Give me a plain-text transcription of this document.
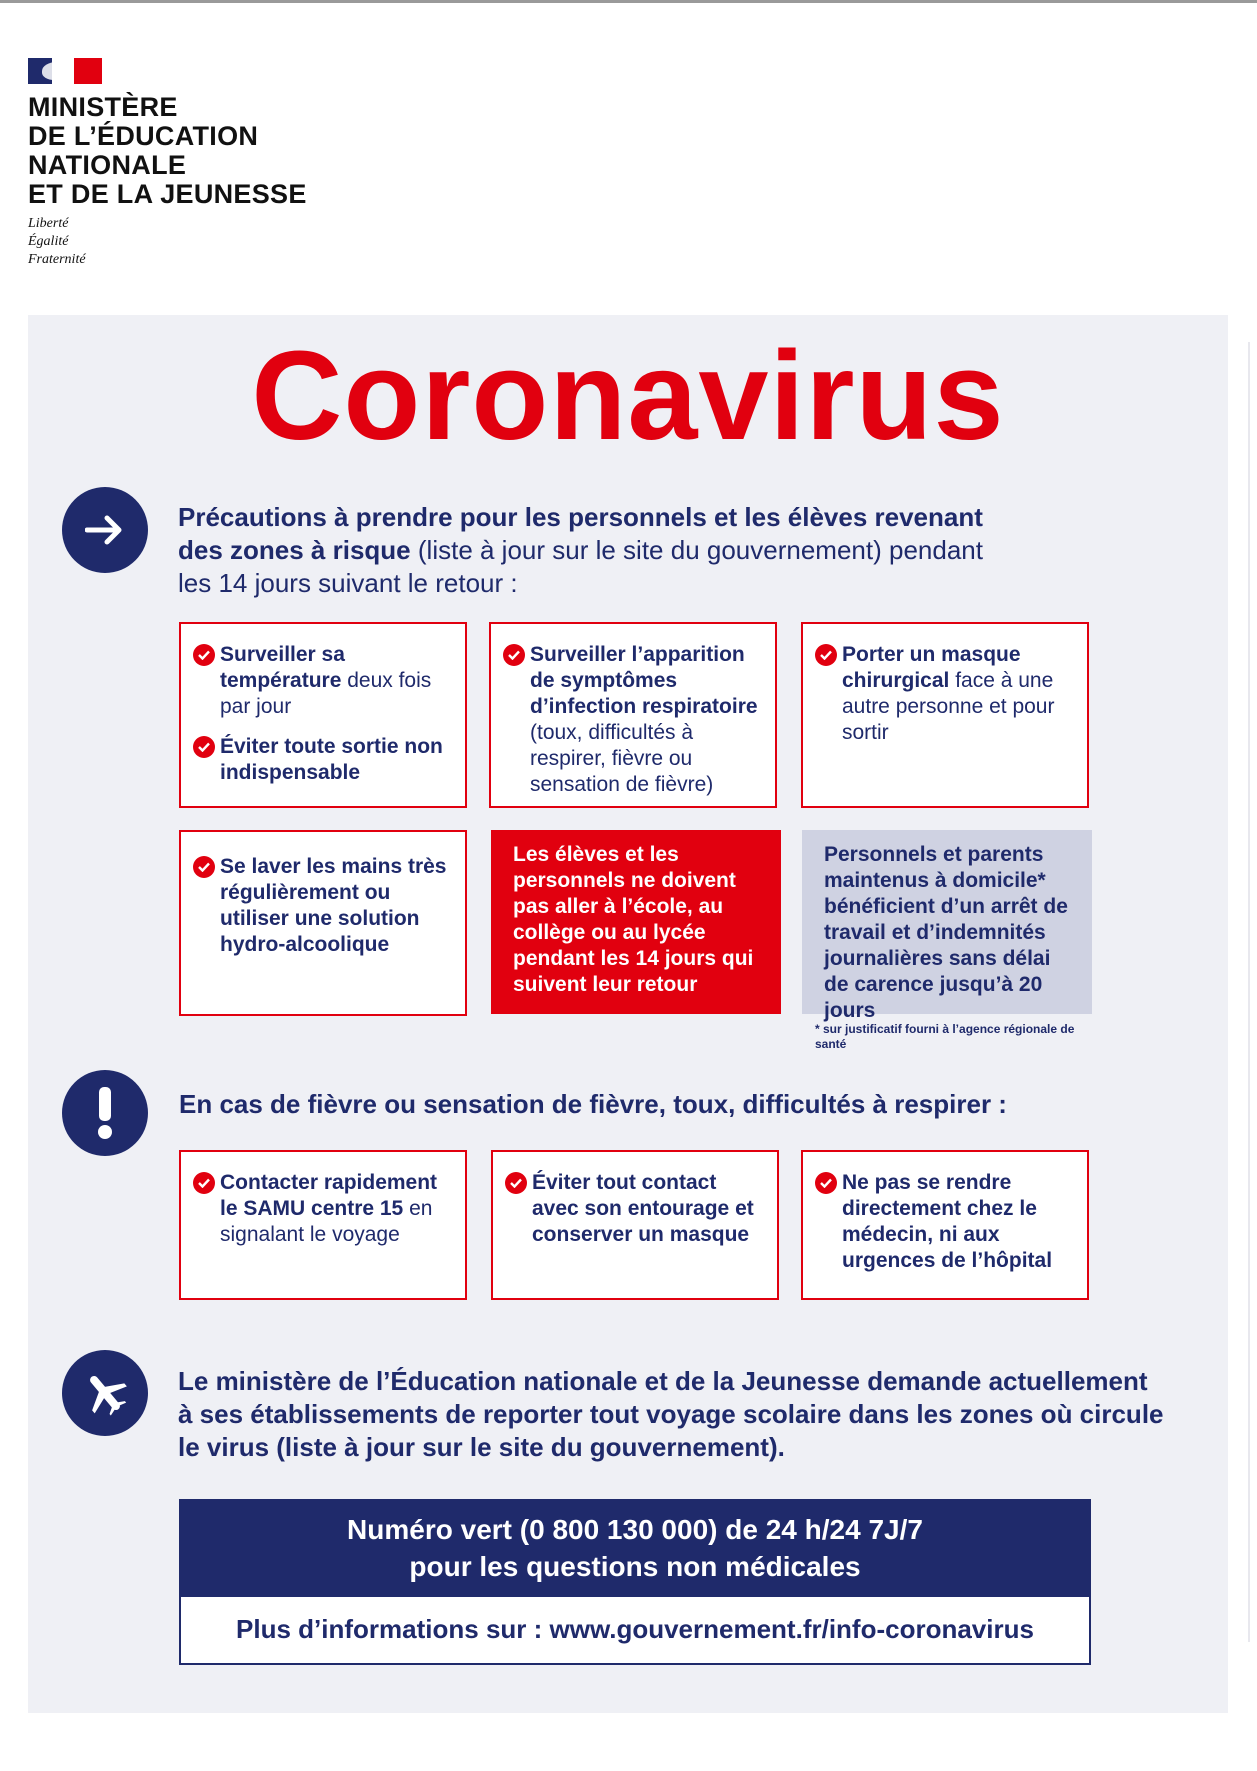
MINISTÈRE
DE L’ÉDUCATION
NATIONALE
ET DE LA JEUNESSE
Liberté
Égalité
Fraternité
Coronavirus
Précautions à prendre pour les personnels et les élèves revenant
des zones à risque (liste à jour sur le site du gouvernement) pendant
les 14 jours suivant le retour :
Surveiller sa température deux fois par jour
Éviter toute sortie non indispensable
Surveiller l’apparition de symptômes d’infection respiratoire (toux, difficultés à respirer, fièvre ou sensation de fièvre)
Porter un masque chirurgical face à une autre personne et pour sortir
Se laver les mains très régulièrement ou utiliser une solution hydro-alcoolique
Les élèves et les personnels ne doivent pas aller à l’école, au collège ou au lycée pendant les 14 jours qui suivent leur retour
Personnels et parents maintenus à domicile* bénéficient d’un arrêt de travail et d’indemnités journalières sans délai de carence jusqu’à 20 jours
* sur justificatif fourni à l’agence régionale de santé
En cas de fièvre ou sensation de fièvre, toux, difficultés à respirer :
Contacter rapidement le SAMU centre 15 en signalant le voyage
Éviter tout contact avec son entourage et conserver un masque
Ne pas se rendre directement chez le médecin, ni aux urgences de l’hôpital
Le ministère de l’Éducation nationale et de la Jeunesse demande actuellement à ses établissements de reporter tout voyage scolaire dans les zones où circule le virus (liste à jour sur le site du gouvernement).
Numéro vert (0 800 130 000) de 24 h/24 7J/7
pour les questions non médicales
Plus d’informations sur : www.gouvernement.fr/info-coronavirus
